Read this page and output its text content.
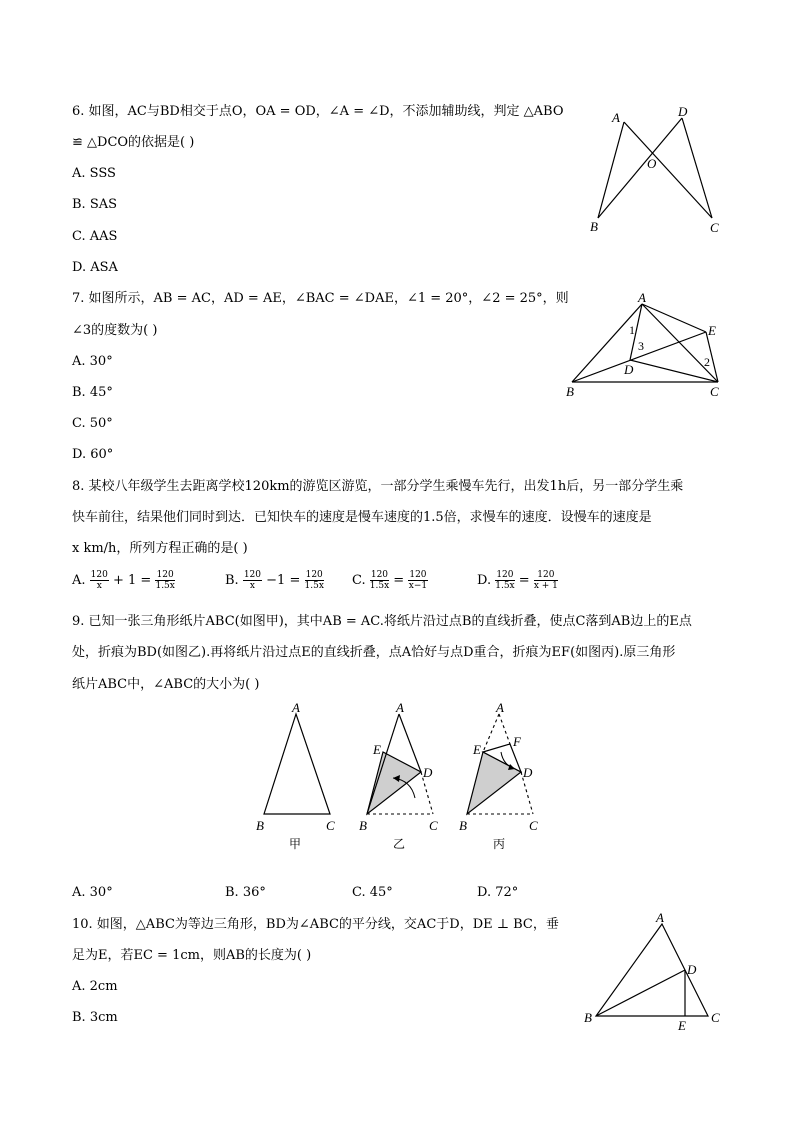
6. 如图，AC与BD相交于点O，OA = OD，∠A = ∠D，不添加辅助线，判定 △ABO
≌ △DCO的依据是( )
A. SSS
B. SAS
C. AAS
D. ASA
A	D
O
B	C
7. 如图所示，AB = AC，AD = AE，∠BAC = ∠DAE，∠1 = 20°，∠2 = 25°，则
∠3的度数为( )
A. 30°
B. 45°
C. 50°
D. 60°
A
E
D
B	C
1
3
2
8. 某校八年级学生去距离学校120km的游览区游览，一部分学生乘慢车先行，出发1h后，另一部分学生乘
快车前往，结果他们同时到达．已知快车的速度是慢车速度的1.5倍，求慢车的速度．设慢车的速度是
x km/h，所列方程正确的是( )
A. $\frac{120}{x} + 1 = \frac{120}{1.5x}$	B. $\frac{120}{x} -1 = \frac{120}{1.5x} C$. $\frac{120}{1.5x} = \frac{120}{x-1}$	D. $\frac{120}{1.5x} = \frac{120}{x + 1}$
9. 已知一张三角形纸片ABC(如图甲)，其中AB = AC.将纸片沿过点B的直线折叠，使点C落到AB边上的E点
处，折痕为BD(如图乙).再将纸片沿过点E的直线折叠，点A恰好与点D重合，折痕为EF(如图丙).原三角形
纸片ABC中，∠ABC的大小为( )
A
B	C
甲
A
E
D
B	C
乙
A
E
F
D
B	C
丙
A. 30°	B. 36°	C. 45°	D. 72°
10. 如图，△ABC为等边三角形，BD为∠ABC的平分线，交AC于D，DE ⊥ BC，垂
足为E，若EC = 1cm，则AB的长度为( )
A. 2cm
B. 3cm
A
D
B
E
C
